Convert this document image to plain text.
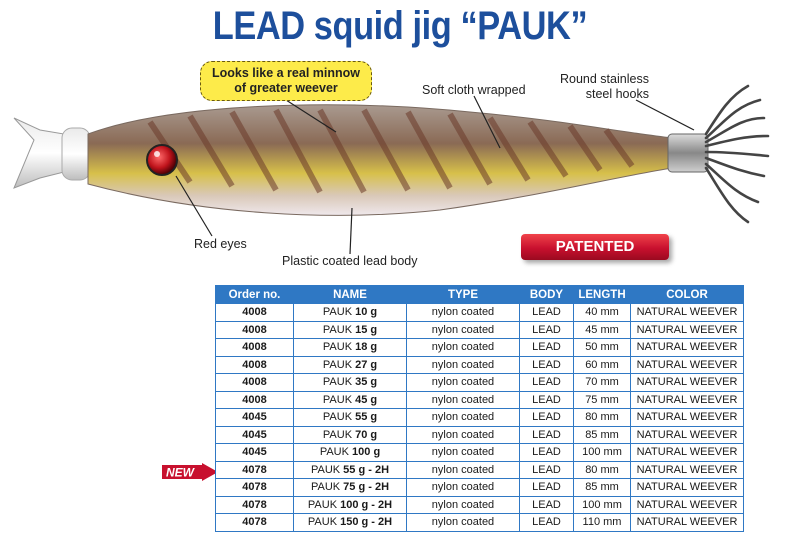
LEAD squid jig “PAUK”
Looks like a real minnow
of greater weever	Soft cloth wrapped
Round stainless
steel hooks
Red eyes
Plastic coated lead body
PATENTED
NEW
Order no.	NAME	TYPE	BODY	LENGTH	COLOR
4008	PAUK 10 g	nylon coated	LEAD	40 mm	NATURAL WEEVER
4008	PAUK 15 g	nylon coated	LEAD	45 mm	NATURAL WEEVER
4008	PAUK 18 g	nylon coated	LEAD	50 mm	NATURAL WEEVER
4008	PAUK 27 g	nylon coated	LEAD	60 mm	NATURAL WEEVER
4008	PAUK 35 g	nylon coated	LEAD	70 mm	NATURAL WEEVER
4008	PAUK 45 g	nylon coated	LEAD	75 mm	NATURAL WEEVER
4045	PAUK 55 g	nylon coated	LEAD	80 mm	NATURAL WEEVER
4045	PAUK 70 g	nylon coated	LEAD	85 mm	NATURAL WEEVER
4045	PAUK 100 g	nylon coated	LEAD	100 mm	NATURAL WEEVER
4078	PAUK 55 g - 2H	nylon coated	LEAD	80 mm	NATURAL WEEVER
4078	PAUK 75 g - 2H	nylon coated	LEAD	85 mm	NATURAL WEEVER
4078	PAUK 100 g - 2H	nylon coated	LEAD	100 mm	NATURAL WEEVER
4078	PAUK 150 g - 2H	nylon coated	LEAD	110 mm	NATURAL WEEVER
